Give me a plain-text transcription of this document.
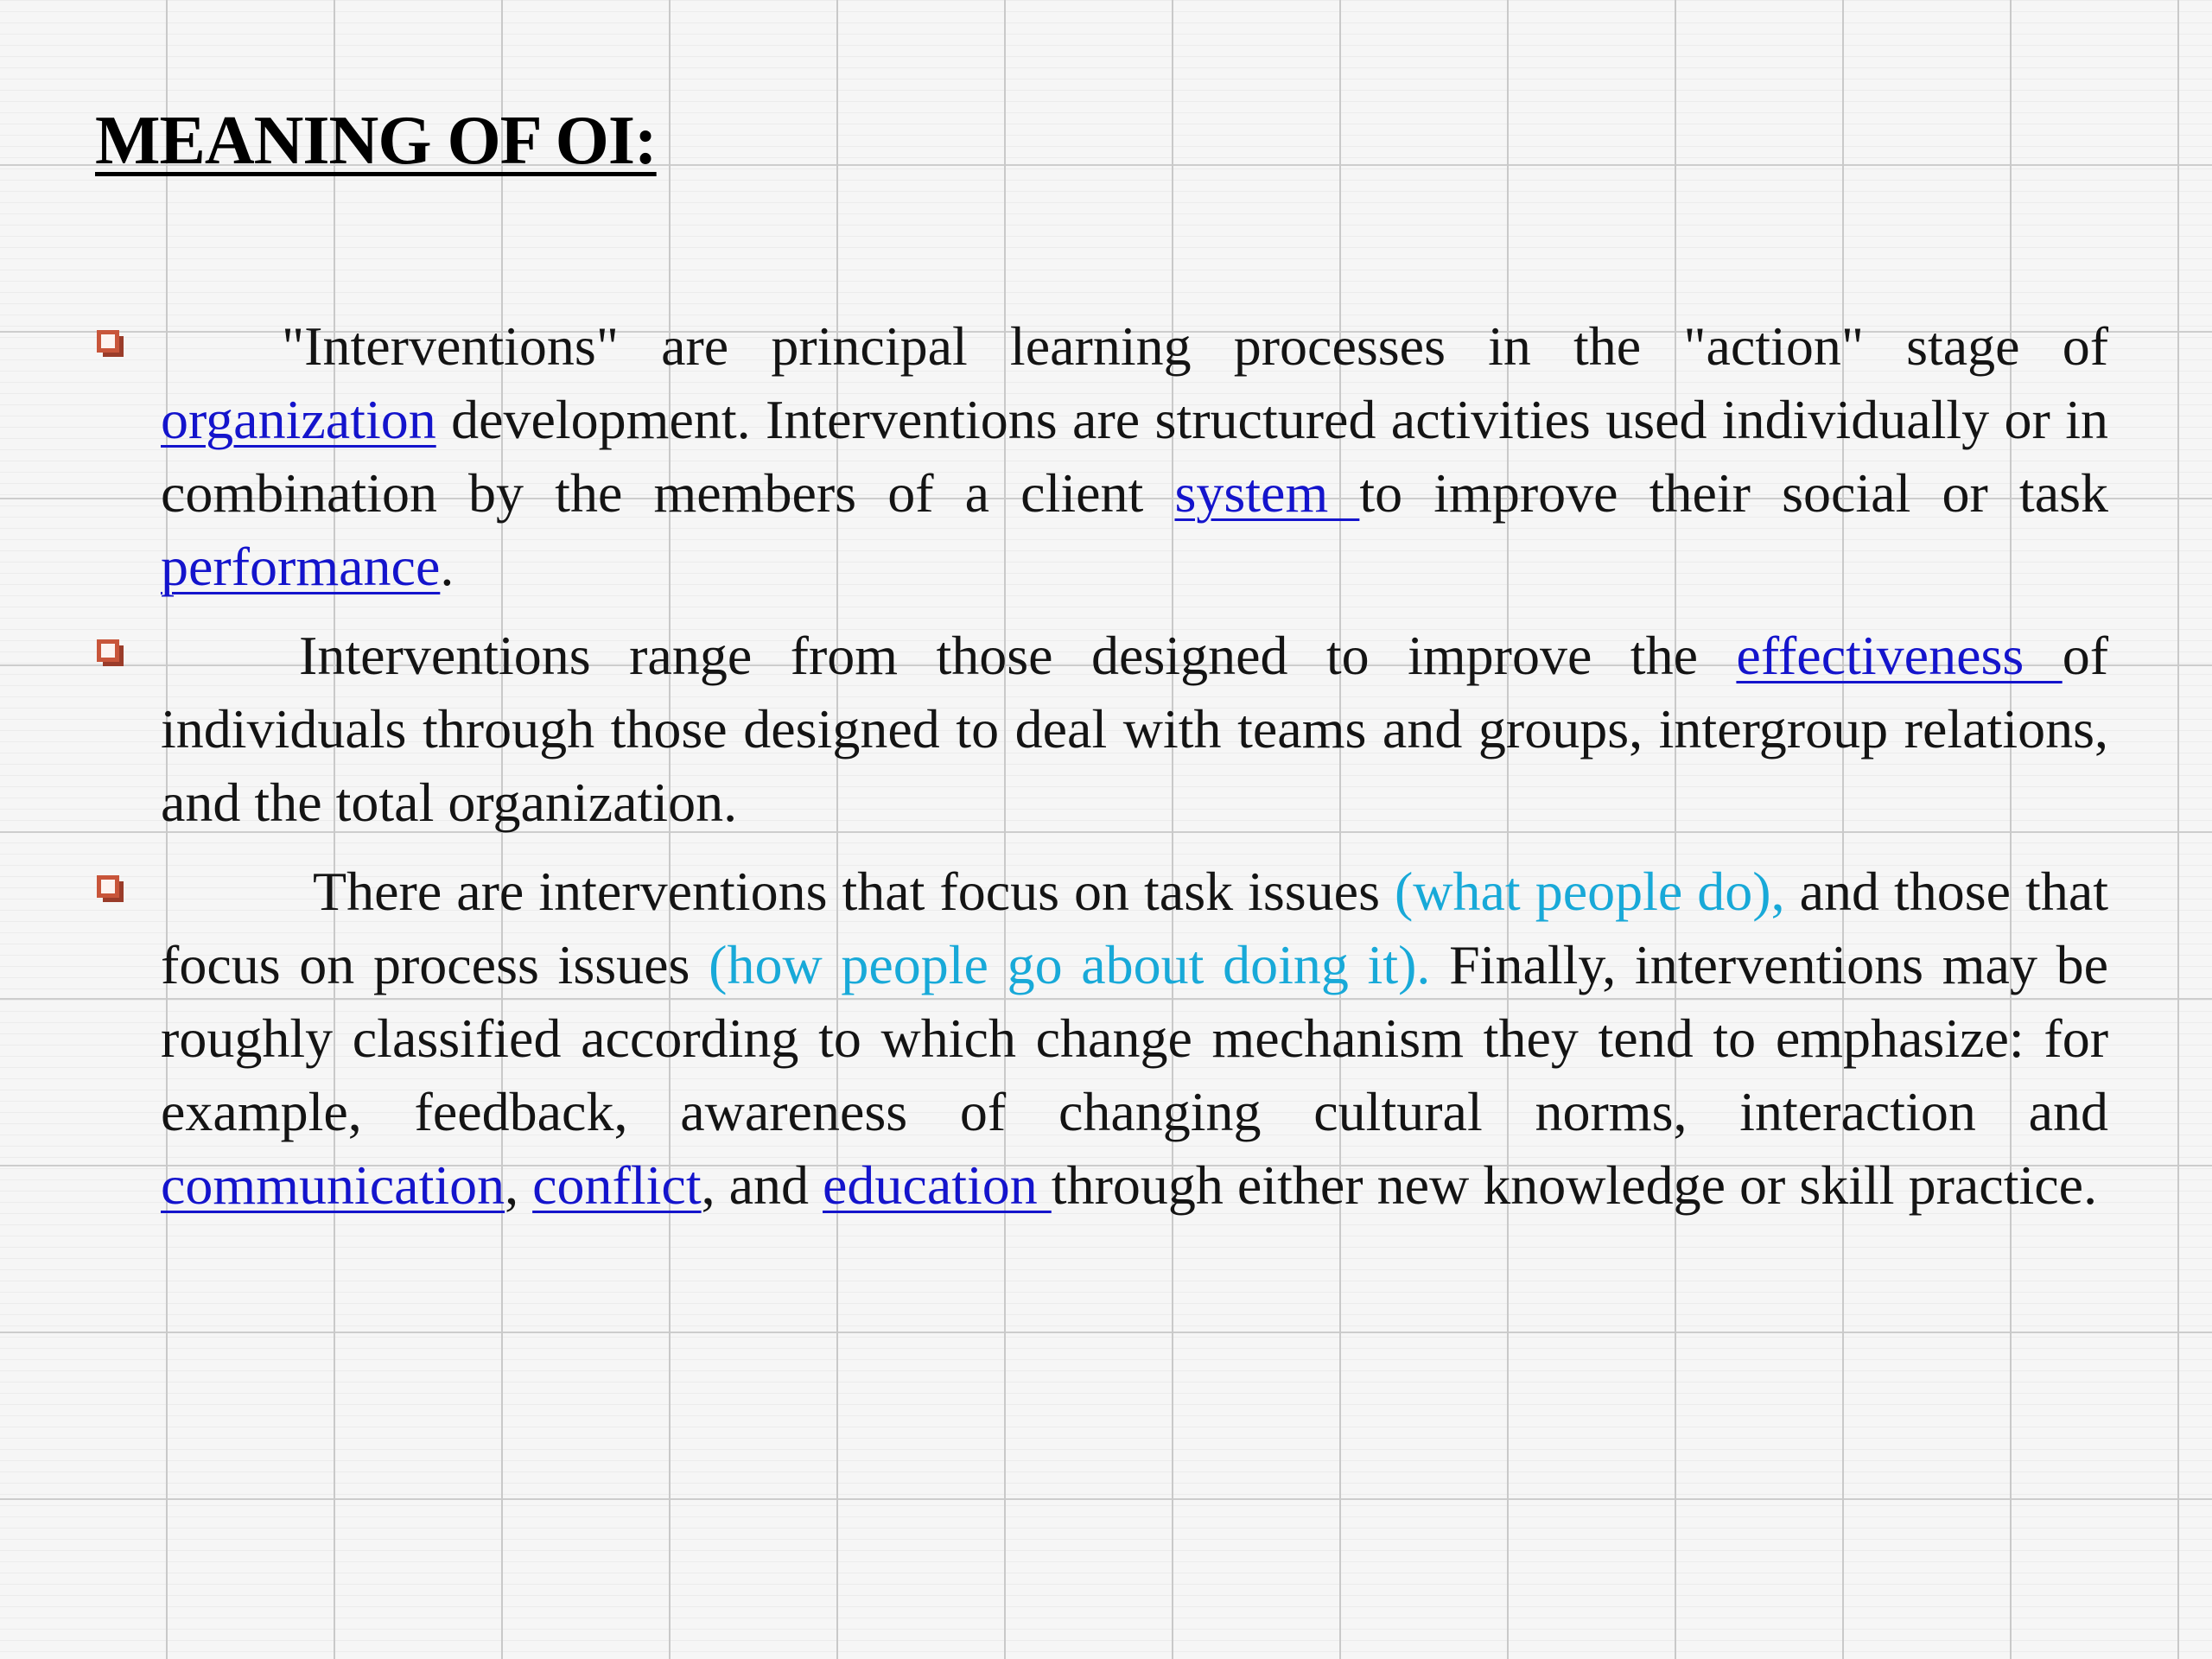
MEANING OF OI:
"Interventions" are principal learning processes in the "action" stage of organization development. Interventions are structured activities used individually or in combination by the members of a client system to improve their social or task performance.
Interventions range from those designed to improve the effectiveness of individuals through those designed to deal with teams and groups, intergroup relations, and the total organization.
There are interventions that focus on task issues (what people do), and those that focus on process issues (how people go about doing it). Finally, interventions may be roughly classified according to which change mechanism they tend to emphasize: for example, feedback, awareness of changing cultural norms, interaction and communication, conflict, and education through either new knowledge or skill practice.
